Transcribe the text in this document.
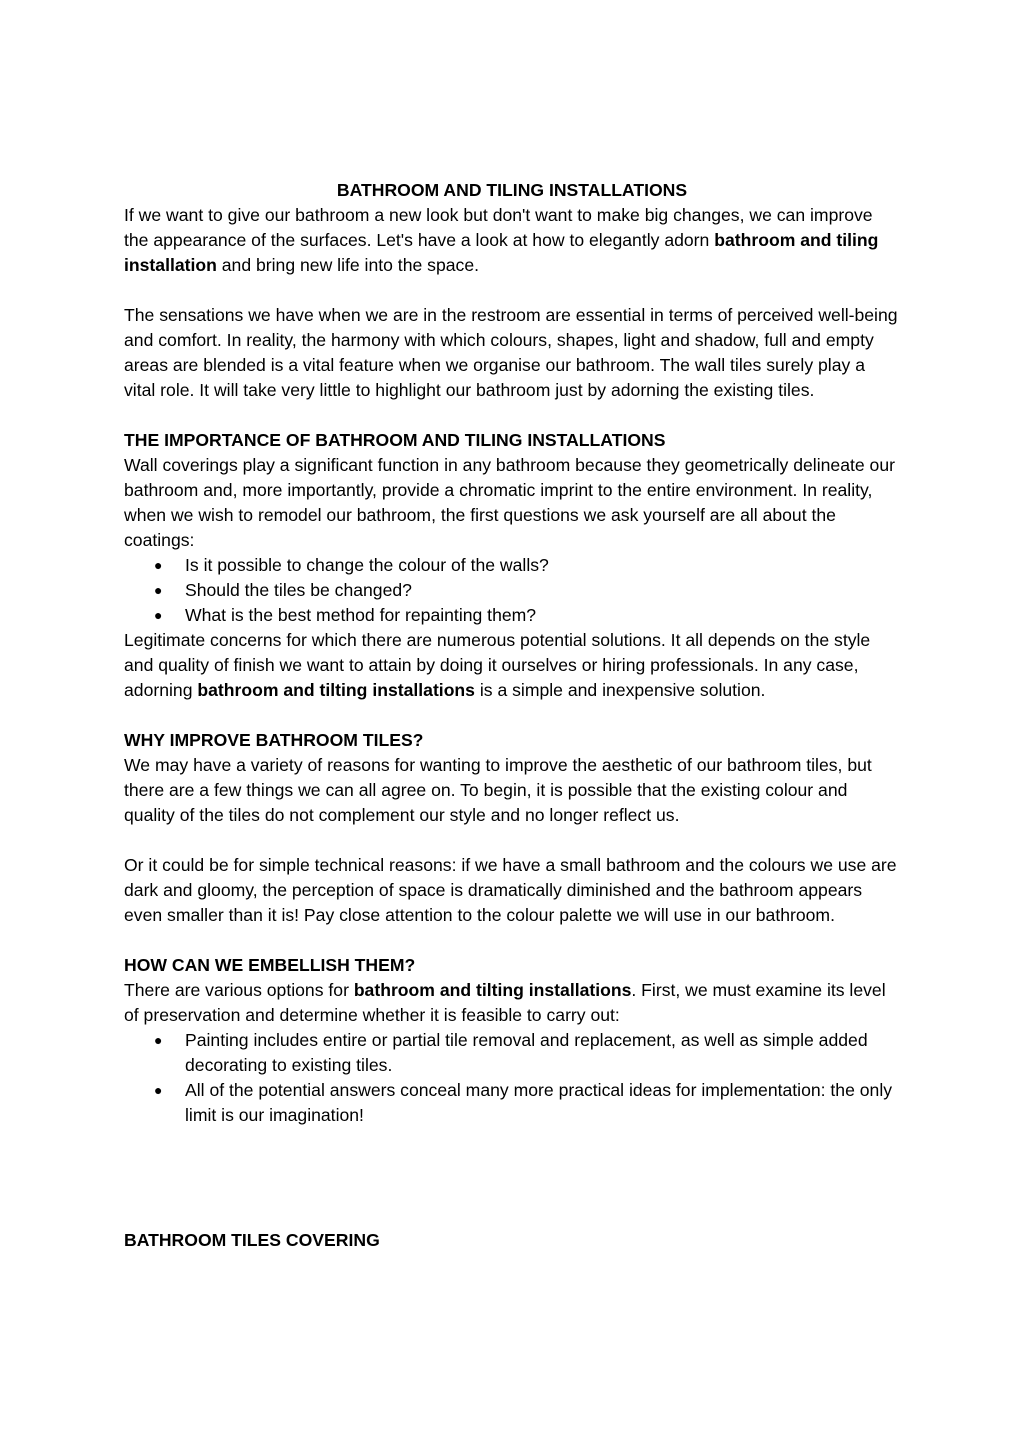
BATHROOM AND TILING INSTALLATIONS

If we want to give our bathroom a new look but don't want to make big changes, we can improve the appearance of the surfaces. Let's have a look at how to elegantly adorn bathroom and tiling installation and bring new life into the space.

The sensations we have when we are in the restroom are essential in terms of perceived well-being and comfort. In reality, the harmony with which colours, shapes, light and shadow, full and empty areas are blended is a vital feature when we organise our bathroom. The wall tiles surely play a vital role. It will take very little to highlight our bathroom just by adorning the existing tiles.

THE IMPORTANCE OF BATHROOM AND TILING INSTALLATIONS

Wall coverings play a significant function in any bathroom because they geometrically delineate our bathroom and, more importantly, provide a chromatic imprint to the entire environment. In reality, when we wish to remodel our bathroom, the first questions we ask yourself are all about the coatings:

● Is it possible to change the colour of the walls?
● Should the tiles be changed?
● What is the best method for repainting them?

Legitimate concerns for which there are numerous potential solutions. It all depends on the style and quality of finish we want to attain by doing it ourselves or hiring professionals. In any case, adorning bathroom and tilting installations is a simple and inexpensive solution.

WHY IMPROVE BATHROOM TILES?

We may have a variety of reasons for wanting to improve the aesthetic of our bathroom tiles, but there are a few things we can all agree on. To begin, it is possible that the existing colour and quality of the tiles do not complement our style and no longer reflect us.

Or it could be for simple technical reasons: if we have a small bathroom and the colours we use are dark and gloomy, the perception of space is dramatically diminished and the bathroom appears even smaller than it is! Pay close attention to the colour palette we will use in our bathroom.

HOW CAN WE EMBELLISH THEM?

There are various options for bathroom and tilting installations. First, we must examine its level of preservation and determine whether it is feasible to carry out:

● Painting includes entire or partial tile removal and replacement, as well as simple added decorating to existing tiles.
● All of the potential answers conceal many more practical ideas for implementation: the only limit is our imagination!

BATHROOM TILES COVERING
